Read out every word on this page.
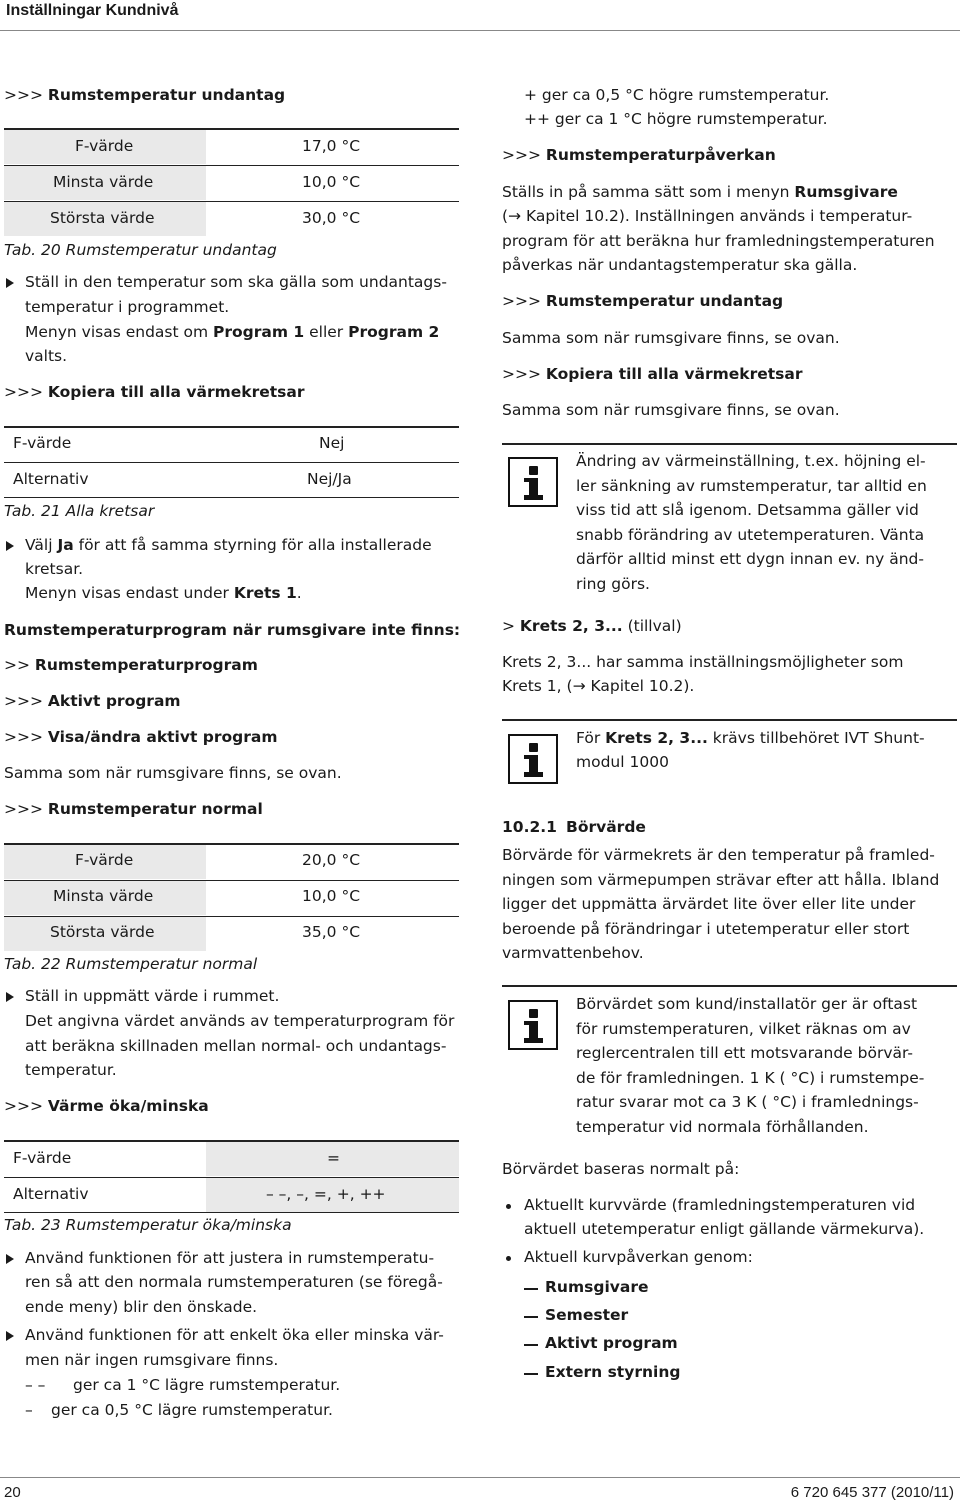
Inställningar Kundnivå
>>> Rumstemperatur undantag
F-värde	17,0 °C
Minsta värde	10,0 °C
Största värde	30,0 °C
Tab. 20 Rumstemperatur undantag
Ställ in den temperatur som ska gälla som undantags-
temperatur i programmet.
Menyn visas endast om Program 1 eller Program 2
valts.
>>> Kopiera till alla värmekretsar
F-värde	Nej
Alternativ	Nej/Ja
Tab. 21 Alla kretsar
Välj Ja för att få samma styrning för alla installerade
kretsar.
Menyn visas endast under Krets 1.
Rumstemperaturprogram när rumsgivare inte finns:
>> Rumstemperaturprogram
>>> Aktivt program
>>> Visa/ändra aktivt program
Samma som när rumsgivare finns, se ovan.
>>> Rumstemperatur normal
F-värde	20,0 °C
Minsta värde	10,0 °C
Största värde	35,0 °C
Tab. 22 Rumstemperatur normal
Ställ in uppmätt värde i rummet.
Det angivna värdet används av temperaturprogram för
att beräkna skillnaden mellan normal- och undantags-
temperatur.
>>> Värme öka/minska
F-värde	=
Alternativ	– –, –, =, +, ++
Tab. 23 Rumstemperatur öka/minska
Använd funktionen för att justera in rumstemperatu-
ren så att den normala rumstemperaturen (se föregå-
ende meny) blir den önskade.
Använd funktionen för att enkelt öka eller minska vär-
men när ingen rumsgivare finns.
– – ger ca 1 °C lägre rumstemperatur.
– ger ca 0,5 °C lägre rumstemperatur.
+ ger ca 0,5 °C högre rumstemperatur.
++ ger ca 1 °C högre rumstemperatur.
>>> Rumstemperaturpåverkan
Ställs in på samma sätt som i menyn Rumsgivare
(→ Kapitel 10.2). Inställningen används i temperatur-
program för att beräkna hur framledningstemperaturen
påverkas när undantagstemperatur ska gälla.
>>> Rumstemperatur undantag
Samma som när rumsgivare finns, se ovan.
>>> Kopiera till alla värmekretsar
Samma som när rumsgivare finns, se ovan.
Ändring av värmeinställning, t.ex. höjning el-
ler sänkning av rumstemperatur, tar alltid en
viss tid att slå igenom. Detsamma gäller vid
snabb förändring av utetemperaturen. Vänta
därför alltid minst ett dygn innan ev. ny änd-
ring görs.
> Krets 2, 3... (tillval)
Krets 2, 3... har samma inställningsmöjligheter som
Krets 1, (→ Kapitel 10.2).
För Krets 2, 3... krävs tillbehöret IVT Shunt-
modul 1000
10.2.1 Börvärde
Börvärde för värmekrets är den temperatur på framled-
ningen som värmepumpen strävar efter att hålla. Ibland
ligger det uppmätta ärvärdet lite över eller lite under
beroende på förändringar i utetemperatur eller stort
varmvattenbehov.
Börvärdet som kund/installatör ger är oftast
för rumstemperaturen, vilket räknas om av
reglercentralen till ett motsvarande börvär-
de för framledningen. 1 K ( °C) i rumstempe-
ratur svarar mot ca 3 K ( °C) i framlednings-
temperatur vid normala förhållanden.
Börvärdet baseras normalt på:
Aktuellt kurvvärde (framledningstemperaturen vid
aktuell utetemperatur enligt gällande värmekurva).
Aktuell kurvpåverkan genom:
Rumsgivare
Semester
Aktivt program
Extern styrning
20	6 720 645 377 (2010/11)
